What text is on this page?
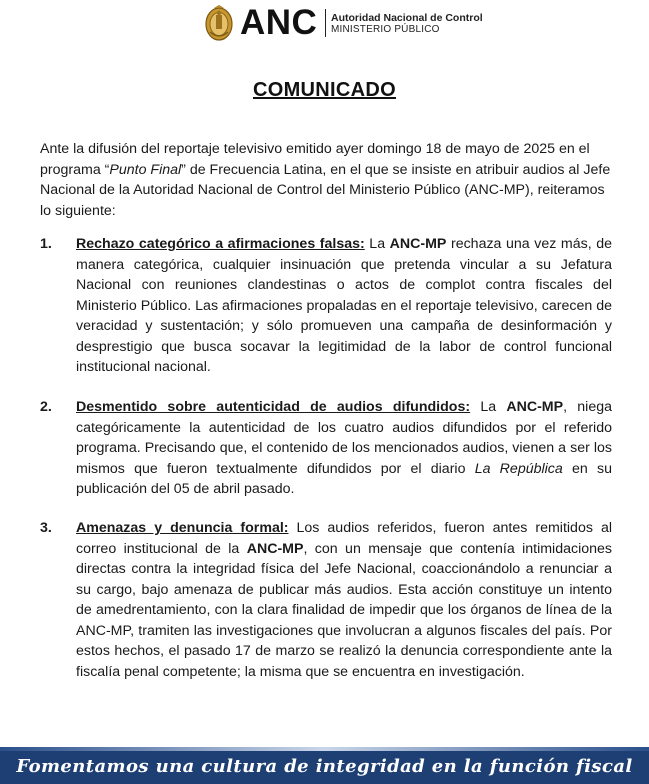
ANC Autoridad Nacional de Control
MINISTERIO PÚBLICO
COMUNICADO
Ante la difusión del reportaje televisivo emitido ayer domingo 18 de mayo de 2025 en el programa “Punto Final” de Frecuencia Latina, en el que se insiste en atribuir audios al Jefe Nacional de la Autoridad Nacional de Control del Ministerio Público (ANC-MP), reiteramos lo siguiente:
1. Rechazo categórico a afirmaciones falsas: La ANC-MP rechaza una vez más, de manera categórica, cualquier insinuación que pretenda vincular a su Jefatura Nacional con reuniones clandestinas o actos de complot contra fiscales del Ministerio Público. Las afirmaciones propaladas en el reportaje televisivo, carecen de veracidad y sustentación; y sólo promueven una campaña de desinformación y desprestigio que busca socavar la legitimidad de la labor de control funcional institucional nacional.
2. Desmentido sobre autenticidad de audios difundidos: La ANC-MP, niega categóricamente la autenticidad de los cuatro audios difundidos por el referido programa. Precisando que, el contenido de los mencionados audios, vienen a ser los mismos que fueron textualmente difundidos por el diario La República en su publicación del 05 de abril pasado.
3. Amenazas y denuncia formal: Los audios referidos, fueron antes remitidos al correo institucional de la ANC-MP, con un mensaje que contenía intimidaciones directas contra la integridad física del Jefe Nacional, coaccionándolo a renunciar a su cargo, bajo amenaza de publicar más audios. Esta acción constituye un intento de amedrentamiento, con la clara finalidad de impedir que los órganos de línea de la ANC-MP, tramiten las investigaciones que involucran a algunos fiscales del país. Por estos hechos, el pasado 17 de marzo se realizó la denuncia correspondiente ante la fiscalía penal competente; la misma que se encuentra en investigación.
Fomentamos una cultura de integridad en la función fiscal
